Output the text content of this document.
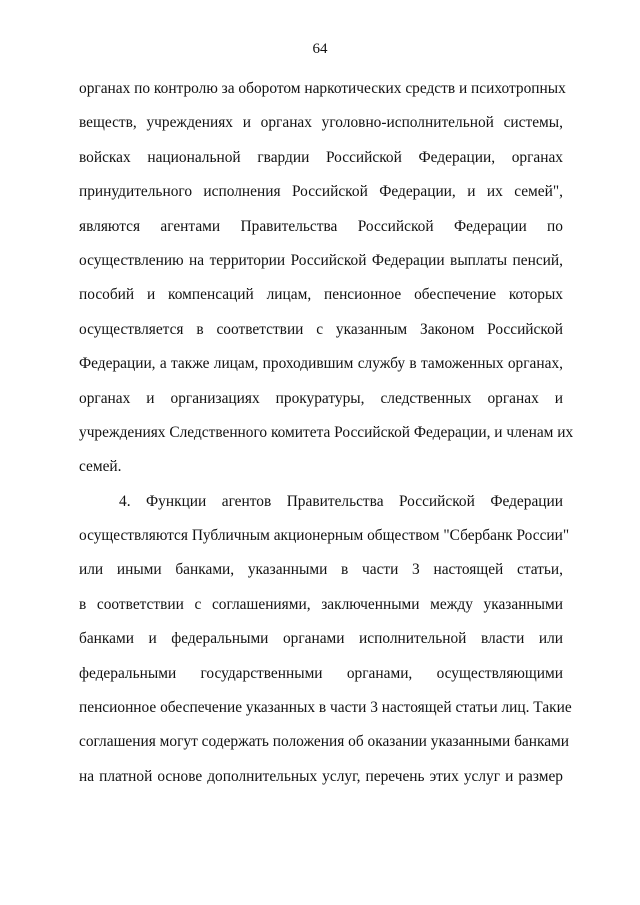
64
органах по контролю за оборотом наркотических средств и психотропных
веществ, учреждениях и органах уголовно-исполнительной системы,
войсках национальной гвардии Российской Федерации, органах
принудительного исполнения Российской Федерации, и их семей",
являются агентами Правительства Российской Федерации по
осуществлению на территории Российской Федерации выплаты пенсий,
пособий и компенсаций лицам, пенсионное обеспечение которых
осуществляется в соответствии с указанным Законом Российской
Федерации, а также лицам, проходившим службу в таможенных органах,
органах и организациях прокуратуры, следственных органах и
учреждениях Следственного комитета Российской Федерации, и членам их
семей.
4. Функции агентов Правительства Российской Федерации
осуществляются Публичным акционерным обществом "Сбербанк России"
или иными банками, указанными в части 3 настоящей статьи,
в соответствии с соглашениями, заключенными между указанными
банками и федеральными органами исполнительной власти или
федеральными государственными органами, осуществляющими
пенсионное обеспечение указанных в части 3 настоящей статьи лиц. Такие
соглашения могут содержать положения об оказании указанными банками
на платной основе дополнительных услуг, перечень этих услуг и размер
